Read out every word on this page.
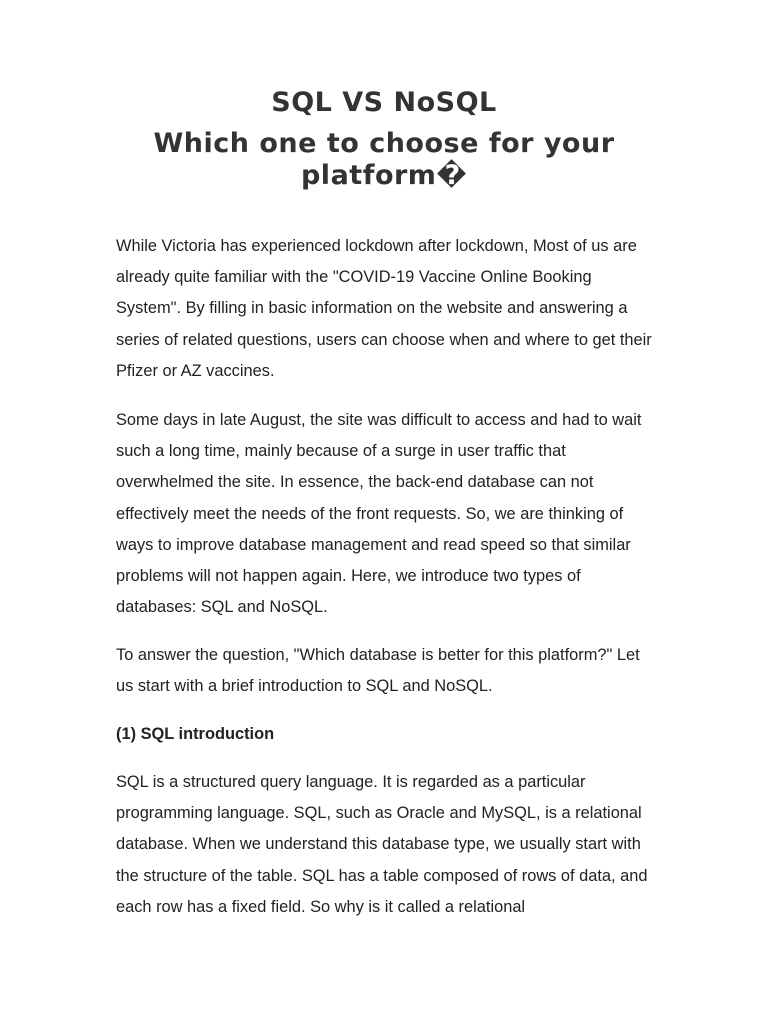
SQL VS NoSQL
Which one to choose for your platform�

While Victoria has experienced lockdown after lockdown, Most of us are already quite familiar with the "COVID-19 Vaccine Online Booking System". By filling in basic information on the website and answering a series of related questions, users can choose when and where to get their Pfizer or AZ vaccines.

Some days in late August, the site was difficult to access and had to wait such a long time, mainly because of a surge in user traffic that overwhelmed the site. In essence, the back-end database can not effectively meet the needs of the front requests. So, we are thinking of ways to improve database management and read speed so that similar problems will not happen again. Here, we introduce two types of databases: SQL and NoSQL.

To answer the question, "Which database is better for this platform?" Let us start with a brief introduction to SQL and NoSQL.

(1) SQL introduction

SQL is a structured query language. It is regarded as a particular programming language. SQL, such as Oracle and MySQL, is a relational database. When we understand this database type, we usually start with the structure of the table. SQL has a table composed of rows of data, and each row has a fixed field. So why is it called a relational
